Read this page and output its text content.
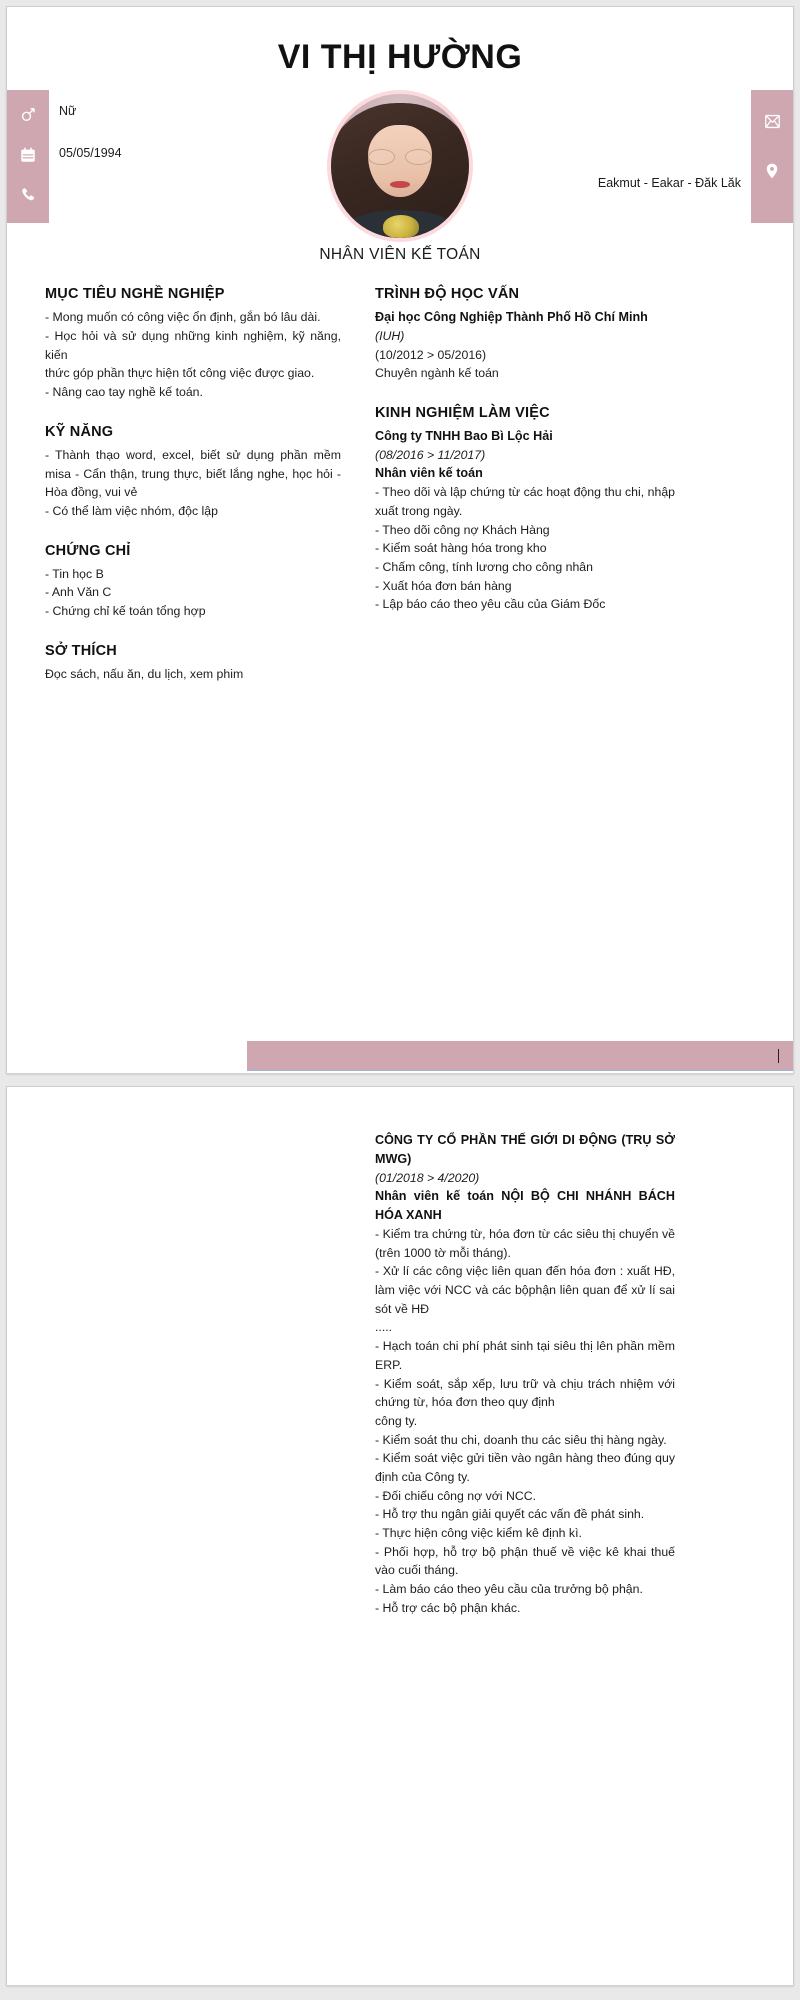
VI THỊ HƯỜNG
Nữ
05/05/1994
Eakmut - Eakar - Đăk Lăk
NHÂN VIÊN KẾ TOÁN
MỤC TIÊU NGHỀ NGHIỆP

- Mong muốn có công việc ổn định, gắn bó lâu dài.

- Học hỏi và sử dụng những kinh nghiệm, kỹ năng, kiến

thức góp phần thực hiện tốt công việc được giao.

- Nâng cao tay nghề kế toán.

KỸ NĂNG

- Thành thạo word, excel, biết sử dụng phần mềm misa - Cẩn thận, trung thực, biết lắng nghe, học hỏi - Hòa đồng, vui vẻ

- Có thể làm việc nhóm, độc lập

CHỨNG CHỈ

- Tin học B

- Anh Văn C

- Chứng chỉ kế toán tổng hợp

SỞ THÍCH

Đọc sách, nấu ăn, du lịch, xem phim

TRÌNH ĐỘ HỌC VẤN

Đại học Công Nghiệp Thành Phố Hồ Chí Minh

(IUH)

(10/2012 > 05/2016)

Chuyên ngành kế toán

KINH NGHIỆM LÀM VIỆC

Công ty TNHH Bao Bì Lộc Hải

(08/2016 > 11/2017)

Nhân viên kế toán

- Theo dõi và lập chứng từ các hoạt động thu chi, nhập xuất trong ngày.

- Theo dõi công nợ Khách Hàng

- Kiểm soát hàng hóa trong kho

- Chấm công, tính lương cho công nhân

- Xuất hóa đơn bán hàng

- Lập báo cáo theo yêu cầu của Giám Đốc

CÔNG TY CỔ PHẦN THẾ GIỚI DI ĐỘNG (TRỤ SỞ MWG)

(01/2018 > 4/2020)

Nhân viên kế toán NỘI BỘ CHI NHÁNH BÁCH HÓA XANH

- Kiểm tra chứng từ, hóa đơn từ các siêu thị chuyển về (trên 1000 tờ mỗi tháng).

- Xử lí các công việc liên quan đến hóa đơn : xuất HĐ, làm việc với NCC và các bộphận liên quan để xử lí sai sót về HĐ

.....

- Hạch toán chi phí phát sinh tại siêu thị lên phần mềm ERP.

- Kiểm soát, sắp xếp, lưu trữ và chịu trách nhiệm với chứng từ, hóa đơn theo quy định

công ty.

- Kiểm soát thu chi, doanh thu các siêu thị hàng ngày.

- Kiểm soát việc gửi tiền vào ngân hàng theo đúng quy định của Công ty.

- Đối chiếu công nợ với NCC.

- Hỗ trợ thu ngân giải quyết các vấn đề phát sinh.

- Thực hiện công việc kiểm kê định kì.

- Phối hợp, hỗ trợ bộ phận thuế về việc kê khai thuế vào cuối tháng.

- Làm báo cáo theo yêu cầu của trưởng bộ phận.

- Hỗ trợ các bộ phận khác.
